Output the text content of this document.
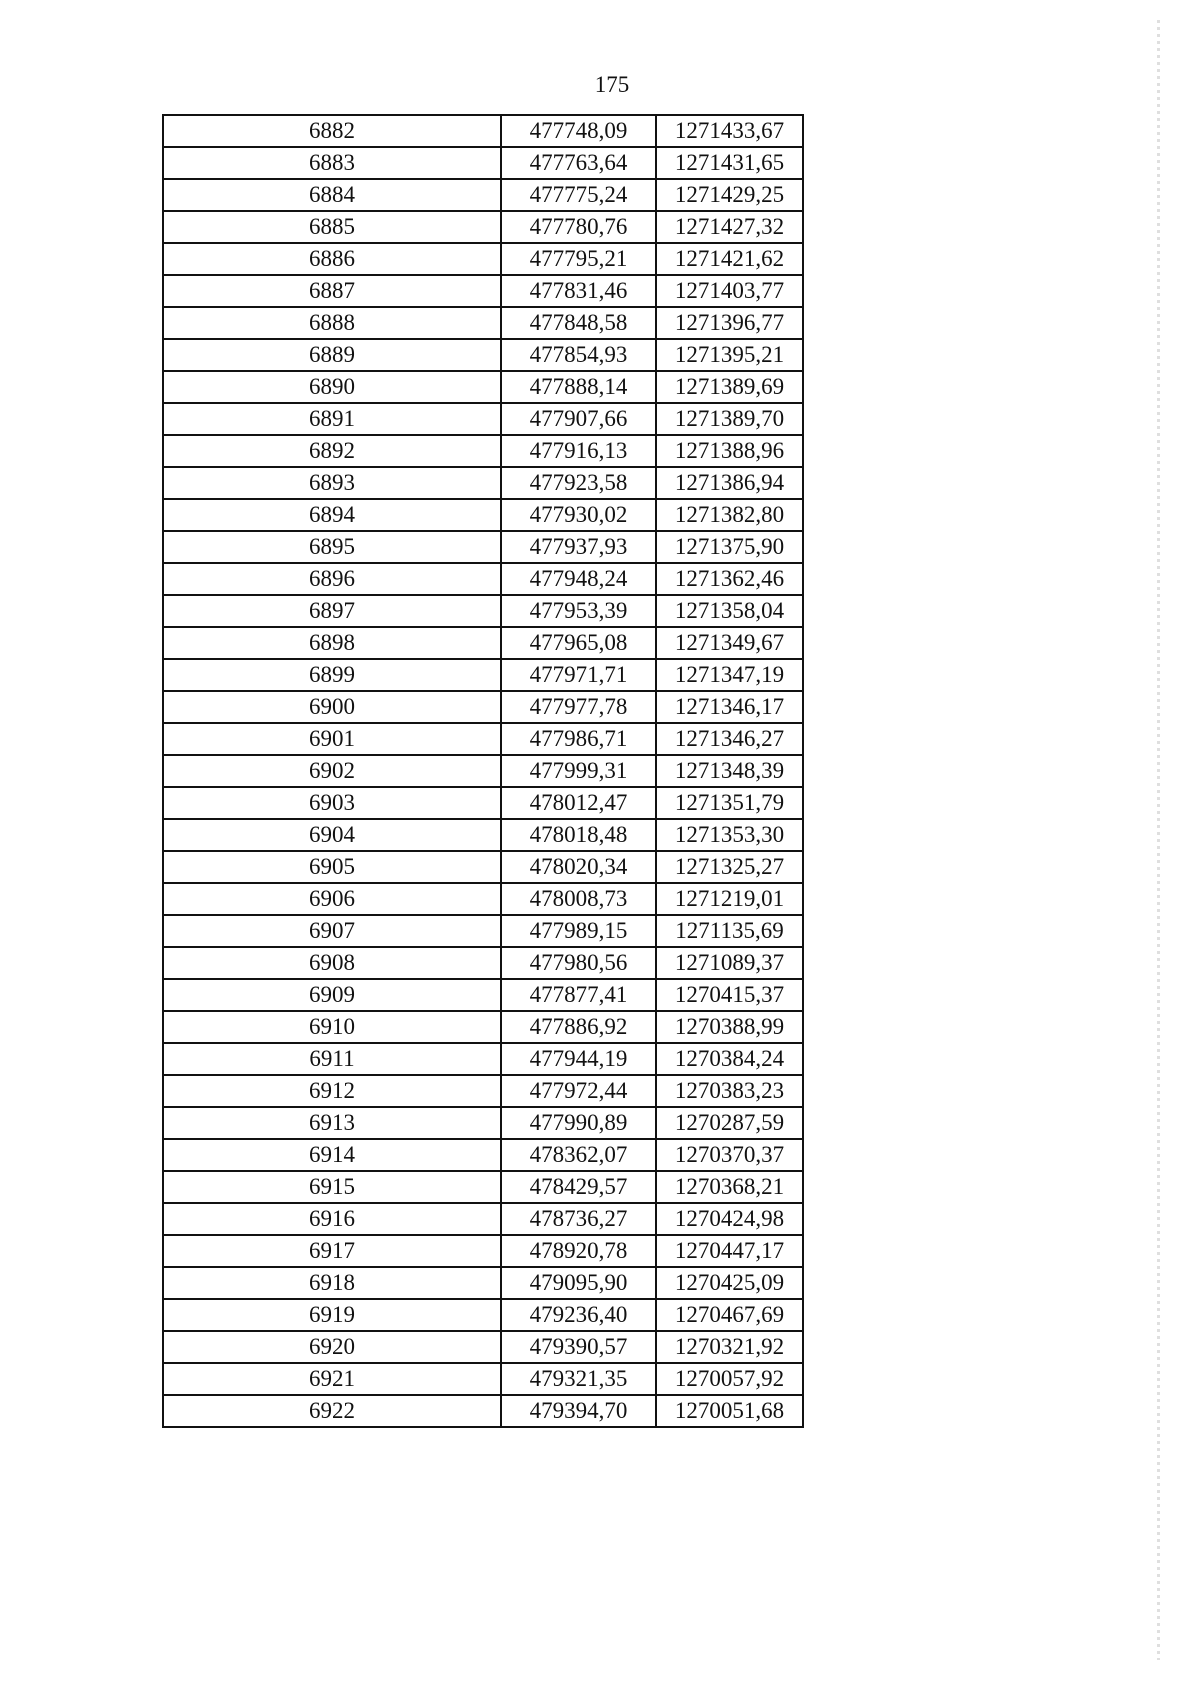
175
6882	477748,09	1271433,67
6883	477763,64	1271431,65
6884	477775,24	1271429,25
6885	477780,76	1271427,32
6886	477795,21	1271421,62
6887	477831,46	1271403,77
6888	477848,58	1271396,77
6889	477854,93	1271395,21
6890	477888,14	1271389,69
6891	477907,66	1271389,70
6892	477916,13	1271388,96
6893	477923,58	1271386,94
6894	477930,02	1271382,80
6895	477937,93	1271375,90
6896	477948,24	1271362,46
6897	477953,39	1271358,04
6898	477965,08	1271349,67
6899	477971,71	1271347,19
6900	477977,78	1271346,17
6901	477986,71	1271346,27
6902	477999,31	1271348,39
6903	478012,47	1271351,79
6904	478018,48	1271353,30
6905	478020,34	1271325,27
6906	478008,73	1271219,01
6907	477989,15	1271135,69
6908	477980,56	1271089,37
6909	477877,41	1270415,37
6910	477886,92	1270388,99
6911	477944,19	1270384,24
6912	477972,44	1270383,23
6913	477990,89	1270287,59
6914	478362,07	1270370,37
6915	478429,57	1270368,21
6916	478736,27	1270424,98
6917	478920,78	1270447,17
6918	479095,90	1270425,09
6919	479236,40	1270467,69
6920	479390,57	1270321,92
6921	479321,35	1270057,92
6922	479394,70	1270051,68
